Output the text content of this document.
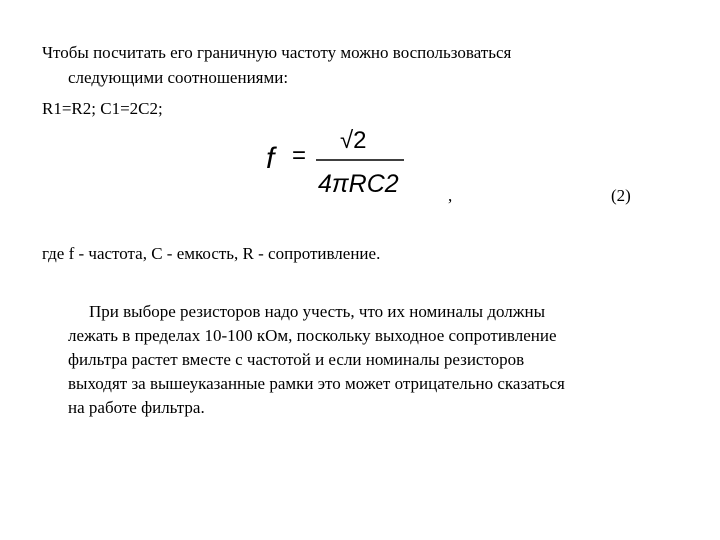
Чтобы посчитать его граничную частоту можно воспользоваться
следующими соотношениями:
R1=R2; C1=2C2;
f =
√2
4πRC2	,	(2)
где f - частота, C - емкость, R - сопротивление.
При выборе резисторов надо учесть, что их номиналы должны
лежать в пределах 10-100 кОм, поскольку выходное сопротивление
фильтра растет вместе с частотой и если номиналы резисторов
выходят за вышеуказанные рамки это может отрицательно сказаться
на работе фильтра.
